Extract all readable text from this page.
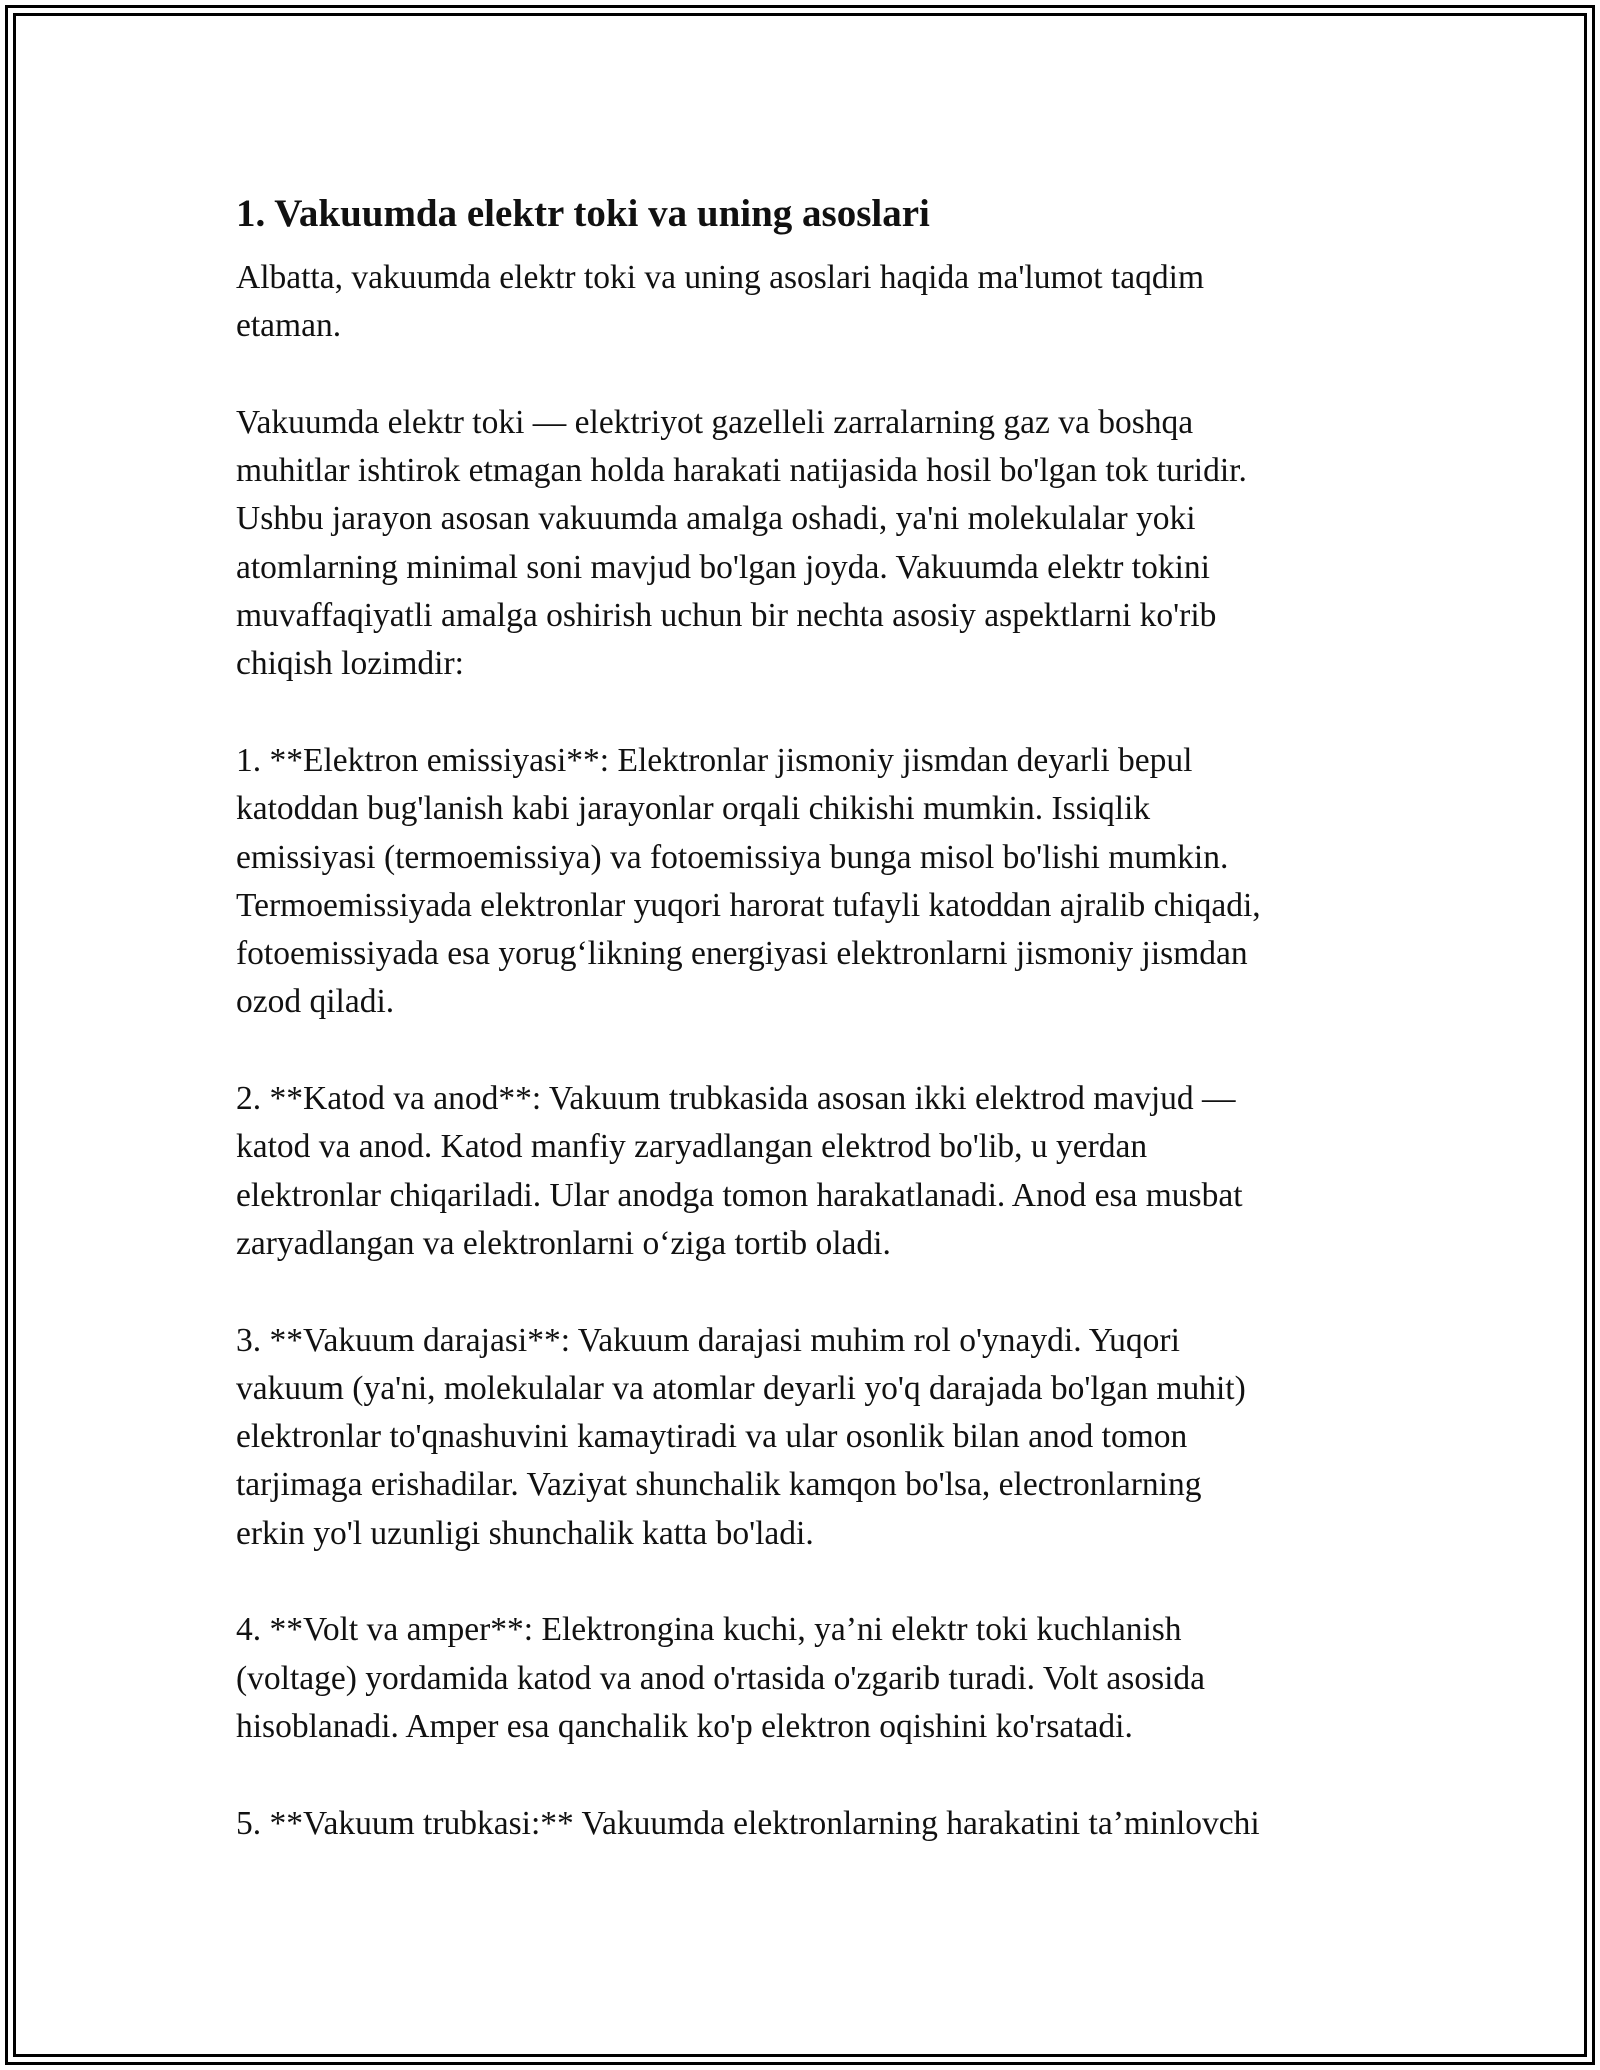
1. Vakuumda elektr toki va uning asoslari

Albatta, vakuumda elektr toki va uning asoslari haqida ma'lumot taqdim
etaman.

Vakuumda elektr toki — elektriyot gazelleli zarralarning gaz va boshqa
muhitlar ishtirok etmagan holda harakati natijasida hosil bo'lgan tok turidir.
Ushbu jarayon asosan vakuumda amalga oshadi, ya'ni molekulalar yoki
atomlarning minimal soni mavjud bo'lgan joyda. Vakuumda elektr tokini
muvaffaqiyatli amalga oshirish uchun bir nechta asosiy aspektlarni ko'rib
chiqish lozimdir:

1. **Elektron emissiyasi**: Elektronlar jismoniy jismdan deyarli bepul
katoddan bug'lanish kabi jarayonlar orqali chikishi mumkin. Issiqlik
emissiyasi (termoemissiya) va fotoemissiya bunga misol bo'lishi mumkin.
Termoemissiyada elektronlar yuqori harorat tufayli katoddan ajralib chiqadi,
fotoemissiyada esa yorug‘likning energiyasi elektronlarni jismoniy jismdan
ozod qiladi.

2. **Katod va anod**: Vakuum trubkasida asosan ikki elektrod mavjud —
katod va anod. Katod manfiy zaryadlangan elektrod bo'lib, u yerdan
elektronlar chiqariladi. Ular anodga tomon harakatlanadi. Anod esa musbat
zaryadlangan va elektronlarni o‘ziga tortib oladi.

3. **Vakuum darajasi**: Vakuum darajasi muhim rol o'ynaydi. Yuqori
vakuum (ya'ni, molekulalar va atomlar deyarli yo'q darajada bo'lgan muhit)
elektronlar to'qnashuvini kamaytiradi va ular osonlik bilan anod tomon
tarjimaga erishadilar. Vaziyat shunchalik kamqon bo'lsa, electronlarning
erkin yo'l uzunligi shunchalik katta bo'ladi.

4. **Volt va amper**: Elektrongina kuchi, ya’ni elektr toki kuchlanish
(voltage) yordamida katod va anod o'rtasida o'zgarib turadi. Volt asosida
hisoblanadi. Amper esa qanchalik ko'p elektron oqishini ko'rsatadi.

5. **Vakuum trubkasi:** Vakuumda elektronlarning harakatini ta’minlovchi
